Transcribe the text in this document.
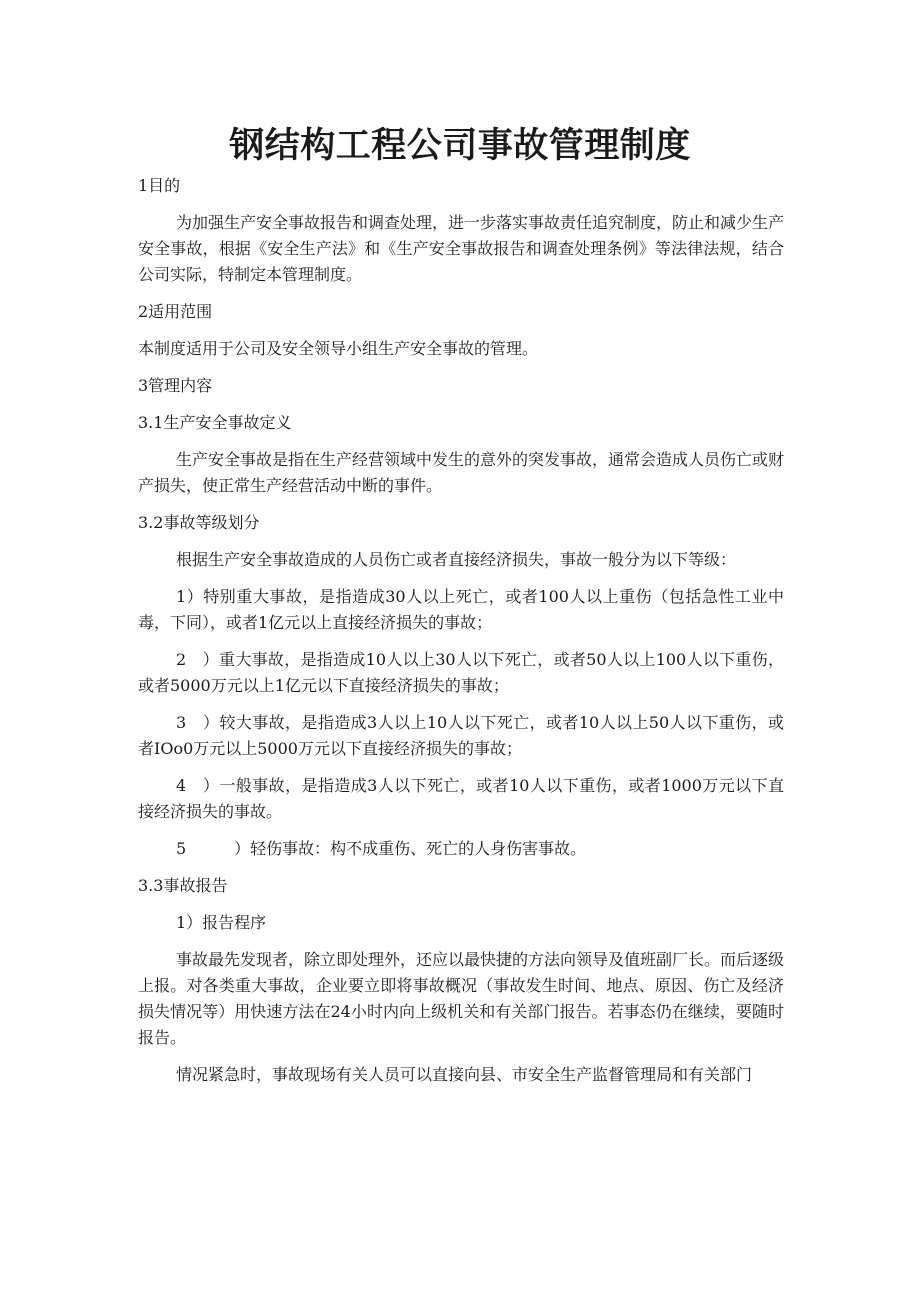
钢结构工程公司事故管理制度

1目的

为加强生产安全事故报告和调查处理，进一步落实事故责任追究制度，防止和减少生产安全事故，根据《安全生产法》和《生产安全事故报告和调查处理条例》等法律法规，结合公司实际，特制定本管理制度。

2适用范围

本制度适用于公司及安全领导小组生产安全事故的管理。

3管理内容

3.1生产安全事故定义

生产安全事故是指在生产经营领域中发生的意外的突发事故，通常会造成人员伤亡或财产损失，使正常生产经营活动中断的事件。

3.2事故等级划分

根据生产安全事故造成的人员伤亡或者直接经济损失，事故一般分为以下等级：

1）特别重大事故，是指造成30人以上死亡，或者100人以上重伤（包括急性工业中毒，下同），或者1亿元以上直接经济损失的事故；

2　）重大事故，是指造成10人以上30人以下死亡，或者50人以上100人以下重伤，或者5000万元以上1亿元以下直接经济损失的事故；

3　）较大事故，是指造成3人以上10人以下死亡，或者10人以上50人以下重伤，或者IOo0万元以上5000万元以下直接经济损失的事故；

4　）一般事故，是指造成3人以下死亡，或者10人以下重伤，或者1000万元以下直接经济损失的事故。

5　　　）轻伤事故：构不成重伤、死亡的人身伤害事故。

3.3事故报告

1）报告程序

事故最先发现者，除立即处理外，还应以最快捷的方法向领导及值班副厂长。而后逐级上报。对各类重大事故，企业要立即将事故概况（事故发生时间、地点、原因、伤亡及经济损失情况等）用快速方法在24小时内向上级机关和有关部门报告。若事态仍在继续，要随时报告。

情况紧急时，事故现场有关人员可以直接向县、市安全生产监督管理局和有关部门
